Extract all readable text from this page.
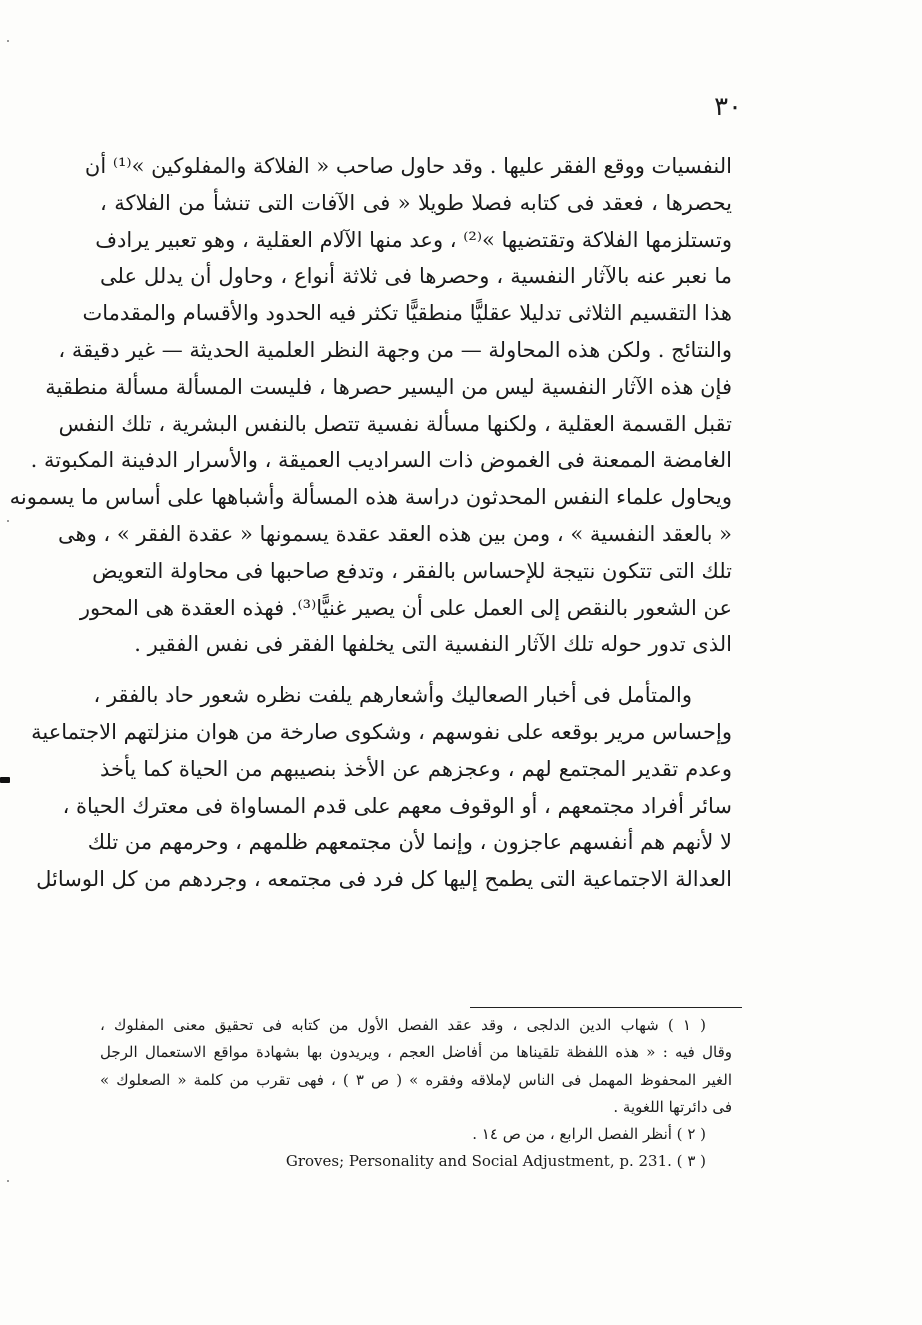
٣٠
النفسيات ووقع الفقر عليها . وقد حاول صاحب « الفلاكة والمفلوكين »⁽¹⁾ أن
يحصرها ، فعقد فى كتابه فصلا طويلا « فى الآفات التى تنشأ من الفلاكة ،
وتستلزمها الفلاكة وتقتضيها »⁽²⁾ ، وعد منها الآلام العقلية ، وهو تعبير يرادف
ما نعبر عنه بالآثار النفسية ، وحصرها فى ثلاثة أنواع ، وحاول أن يدلل على
هذا التقسيم الثلاثى تدليلا عقليًّا منطقيًّا تكثر فيه الحدود والأقسام والمقدمات
والنتائج . ولكن هذه المحاولة — من وجهة النظر العلمية الحديثة — غير دقيقة ،
فإن هذه الآثار النفسية ليس من اليسير حصرها ، فليست المسألة مسألة منطقية
تقبل القسمة العقلية ، ولكنها مسألة نفسية تتصل بالنفس البشرية ، تلك النفس
الغامضة الممعنة فى الغموض ذات السراديب العميقة ، والأسرار الدفينة المكبوتة .
ويحاول علماء النفس المحدثون دراسة هذه المسألة وأشباهها على أساس ما يسمونه
« بالعقد النفسية » ، ومن بين هذه العقد عقدة يسمونها « عقدة الفقر » ، وهى
تلك التى تتكون نتيجة للإحساس بالفقر ، وتدفع صاحبها فى محاولة التعويض
عن الشعور بالنقص إلى العمل على أن يصير غنيًّا⁽³⁾. فهذه العقدة هى المحور
الذى تدور حوله تلك الآثار النفسية التى يخلفها الفقر فى نفس الفقير .
والمتأمل فى أخبار الصعاليك وأشعارهم يلفت نظره شعور حاد بالفقر ،
وإحساس مرير بوقعه على نفوسهم ، وشكوى صارخة من هوان منزلتهم الاجتماعية
وعدم تقدير المجتمع لهم ، وعجزهم عن الأخذ بنصيبهم من الحياة كما يأخذ
سائر أفراد مجتمعهم ، أو الوقوف معهم على قدم المساواة فى معترك الحياة ،
لا لأنهم هم أنفسهم عاجزون ، وإنما لأن مجتمعهم ظلمهم ، وحرمهم من تلك
العدالة الاجتماعية التى يطمح إليها كل فرد فى مجتمعه ، وجردهم من كل الوسائل
( ١ ) شهاب الدين الدلجى ، وقد عقد الفصل الأول من كتابه فى تحقيق معنى المفلوك ،
وقال فيه : « هذه اللفظة تلقيناها من أفاضل العجم ، ويريدون بها بشهادة مواقع الاستعمال الرجل
الغير المحفوظ المهمل فى الناس لإملاقه وفقره » ( ص ٣ ) ، فهى تقرب من كلمة « الصعلوك »
فى دائرتها اللغوية .
( ٢ ) أنظر الفصل الرابع ، من ص ١٤ .
Groves; Personality and Social Adjustment, p. 231. ( ٣ )
